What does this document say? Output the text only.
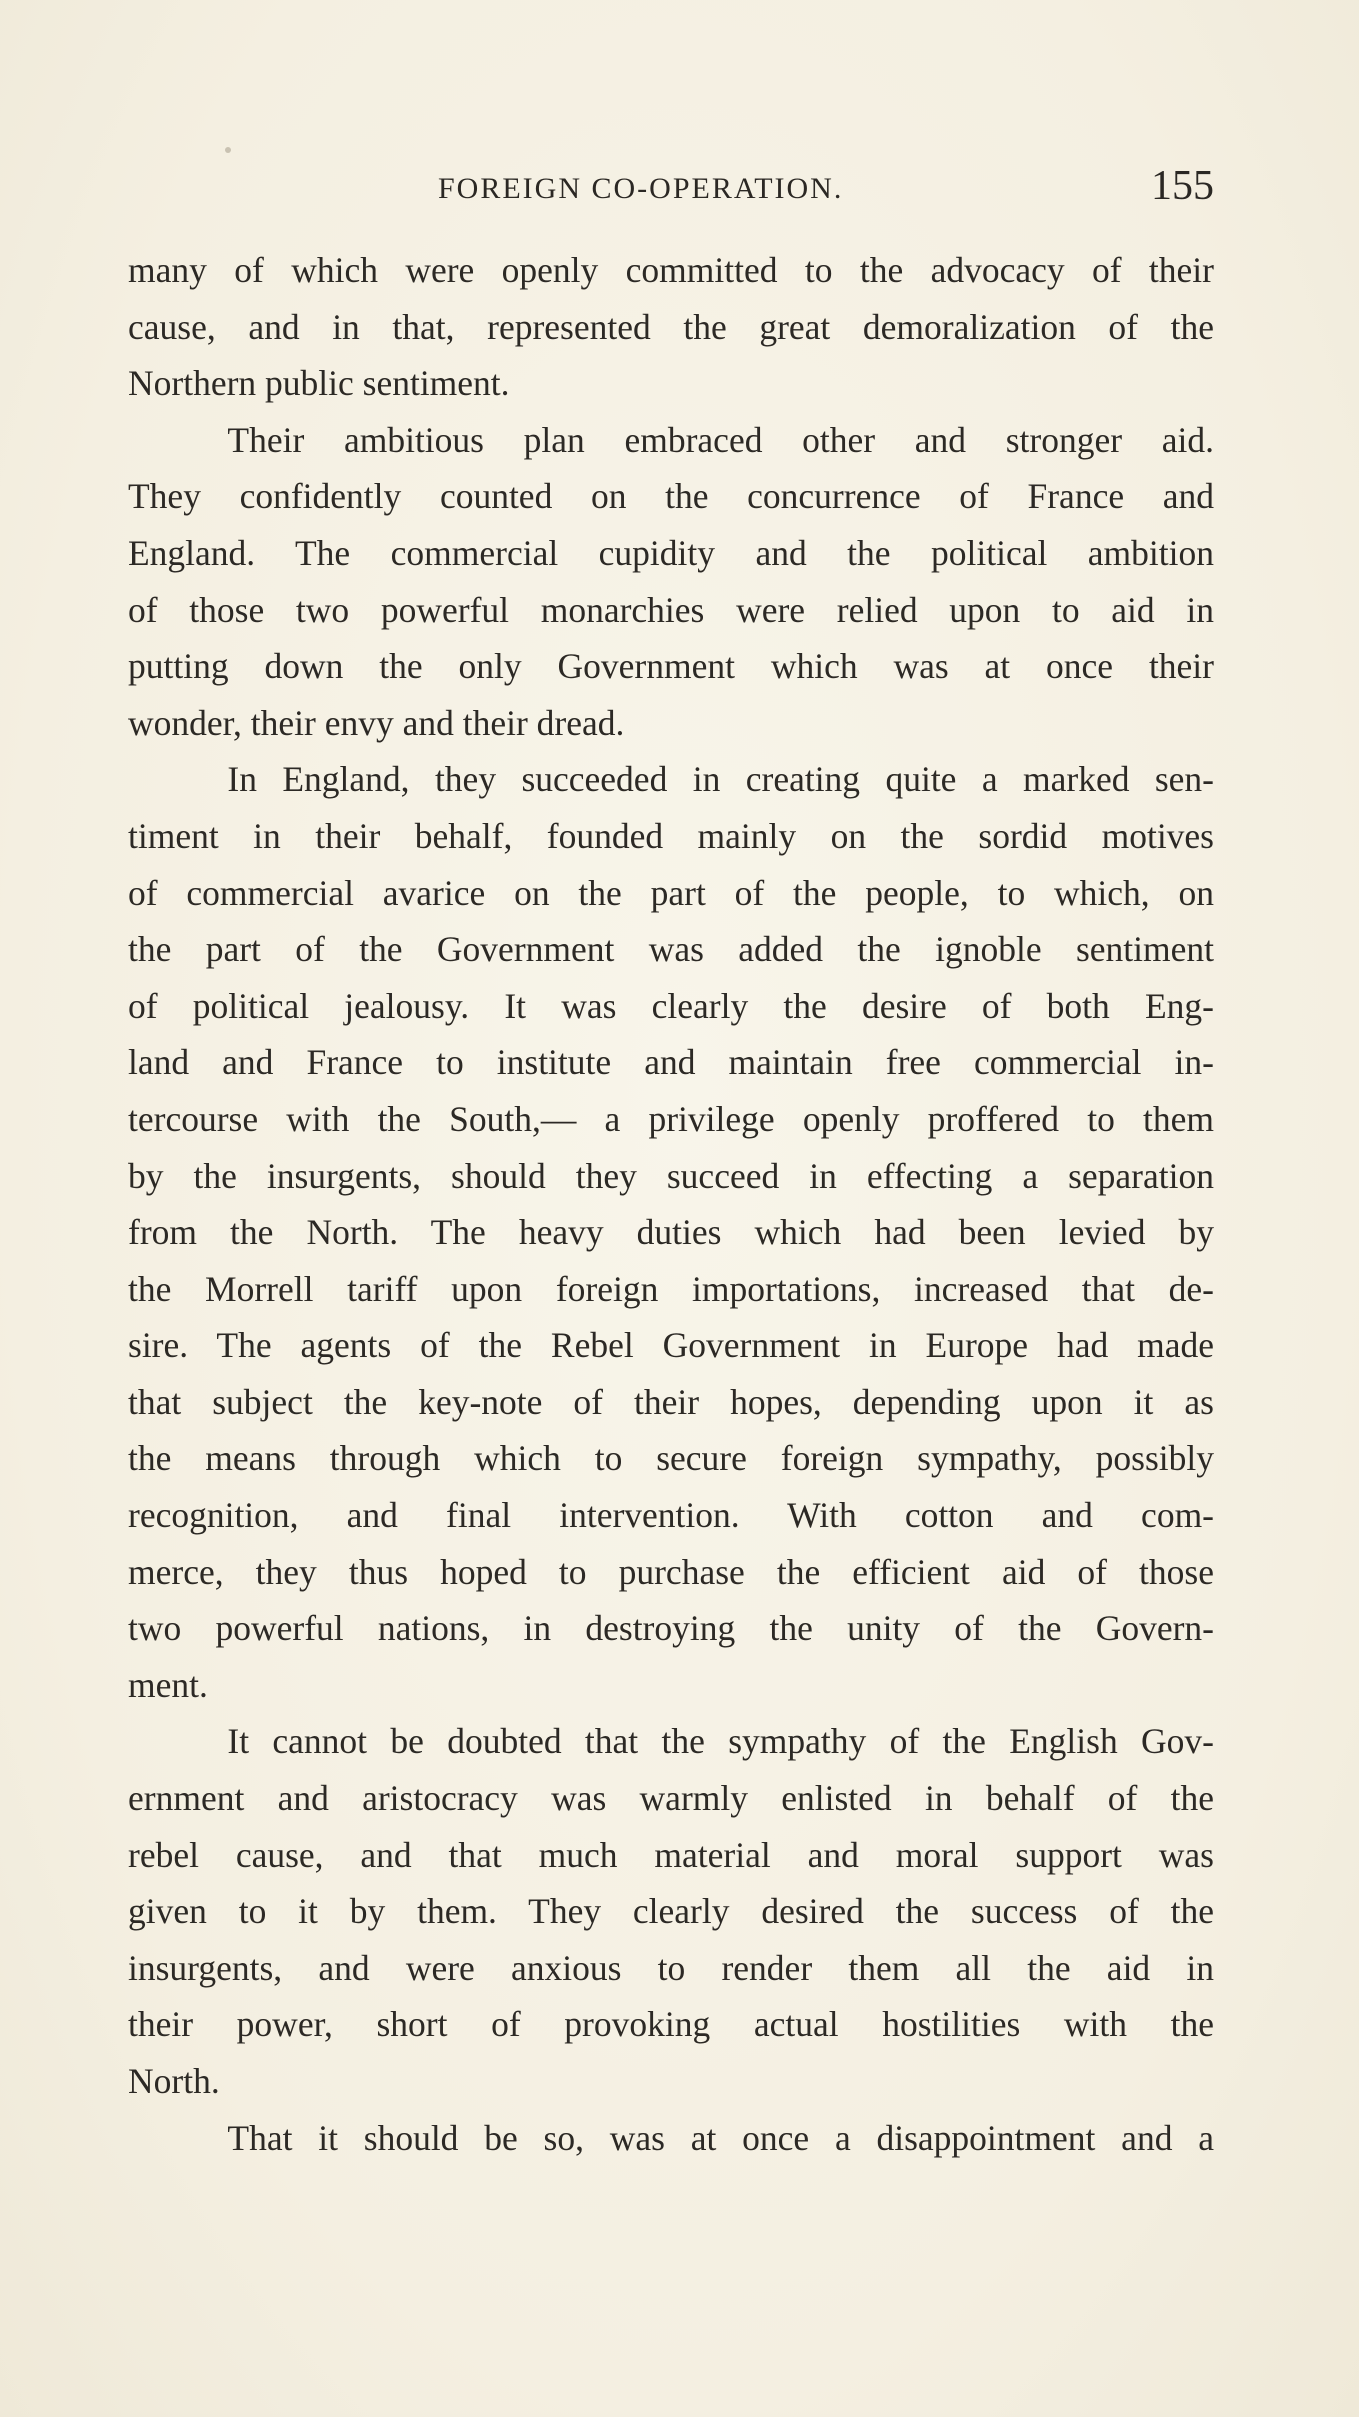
FOREIGN CO-OPERATION.	155
many of which were openly committed to the advocacy of their
cause, and in that, represented the great demoralization of the
Northern public sentiment.
Their ambitious plan embraced other and stronger aid.
They confidently counted on the concurrence of France and
England. The commercial cupidity and the political ambition
of those two powerful monarchies were relied upon to aid in
putting down the only Government which was at once their
wonder, their envy and their dread.
In England, they succeeded in creating quite a marked sen-
timent in their behalf, founded mainly on the sordid motives
of commercial avarice on the part of the people, to which, on
the part of the Government was added the ignoble sentiment
of political jealousy. It was clearly the desire of both Eng-
land and France to institute and maintain free commercial in-
tercourse with the South,— a privilege openly proffered to them
by the insurgents, should they succeed in effecting a separation
from the North. The heavy duties which had been levied by
the Morrell tariff upon foreign importations, increased that de-
sire. The agents of the Rebel Government in Europe had made
that subject the key-note of their hopes, depending upon it as
the means through which to secure foreign sympathy, possibly
recognition, and final intervention. With cotton and com-
merce, they thus hoped to purchase the efficient aid of those
two powerful nations, in destroying the unity of the Govern-
ment.
It cannot be doubted that the sympathy of the English Gov-
ernment and aristocracy was warmly enlisted in behalf of the
rebel cause, and that much material and moral support was
given to it by them. They clearly desired the success of the
insurgents, and were anxious to render them all the aid in
their power, short of provoking actual hostilities with the
North.
That it should be so, was at once a disappointment and a
